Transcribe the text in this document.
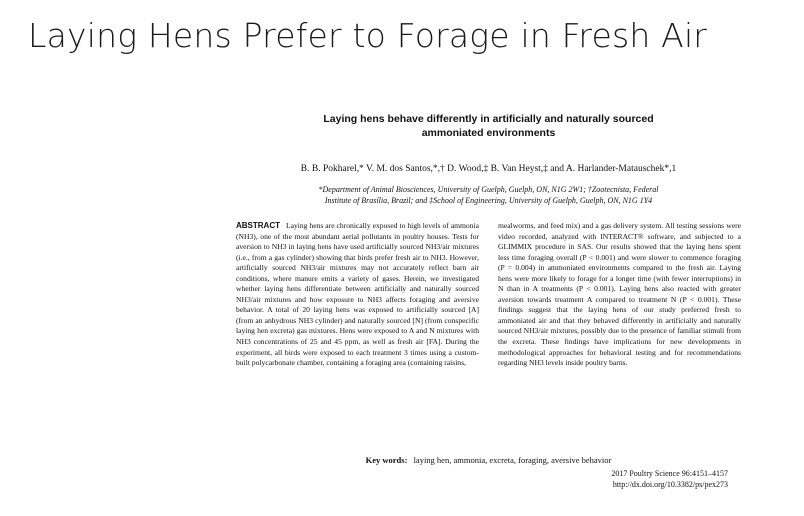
Laying Hens Prefer to Forage in Fresh Air
Laying hens behave differently in artificially and naturally sourced
ammoniated environments
B. B. Pokharel,* V. M. dos Santos,*,† D. Wood,‡ B. Van Heyst,‡ and A. Harlander-Matauschek*,1
*Department of Animal Biosciences, University of Guelph, Guelph, ON, N1G 2W1; †Zootecnista, Federal
Institute of Brasília, Brazil; and ‡School of Engineering, University of Guelph, Guelph, ON, N1G 1Y4
ABSTRACT Laying hens are chronically exposed to high levels of ammonia (NH3), one of the most abundant aerial pollutants in poultry houses. Tests for aversion to NH3 in laying hens have used artificially sourced NH3/air mixtures (i.e., from a gas cylinder) showing that birds prefer fresh air to NH3. However, artificially sourced NH3/air mixtures may not accurately reflect barn air conditions, where manure emits a variety of gases. Herein, we investigated whether laying hens differentiate between artificially and naturally sourced NH3/air mixtures and how exposure to NH3 affects foraging and aversive behavior. A total of 20 laying hens was exposed to artificially sourced [A] (from an anhydrous NH3 cylinder) and naturally sourced [N] (from conspecific laying hen excreta) gas mixtures. Hens were exposed to A and N mixtures with NH3 concentrations of 25 and 45 ppm, as well as fresh air [FA]. During the experiment, all birds were exposed to each treatment 3 times using a custom-built polycarbonate chamber, containing a foraging area (containing raisins,
mealworms, and feed mix) and a gas delivery system. All testing sessions were video recorded, analyzed with INTERACT® software, and subjected to a GLIMMIX procedure in SAS. Our results showed that the laying hens spent less time foraging overall (P < 0.001) and were slower to commence foraging (P = 0.004) in ammoniated environments compared to the fresh air. Laying hens were more likely to forage for a longer time (with fewer interruptions) in N than in A treatments (P < 0.001). Laying hens also reacted with greater aversion towards treatment A compared to treatment N (P < 0.001). These findings suggest that the laying hens of our study preferred fresh to ammoniated air and that they behaved differently in artificially and naturally sourced NH3/air mixtures, possibly due to the presence of familiar stimuli from the excreta. These findings have implications for new developments in methodological approaches for behavioral testing and for recommendations regarding NH3 levels inside poultry barns.
Key words: laying hen, ammonia, excreta, foraging, aversive behavior
2017 Poultry Science 96:4151–4157
http://dx.doi.org/10.3382/ps/pex273
